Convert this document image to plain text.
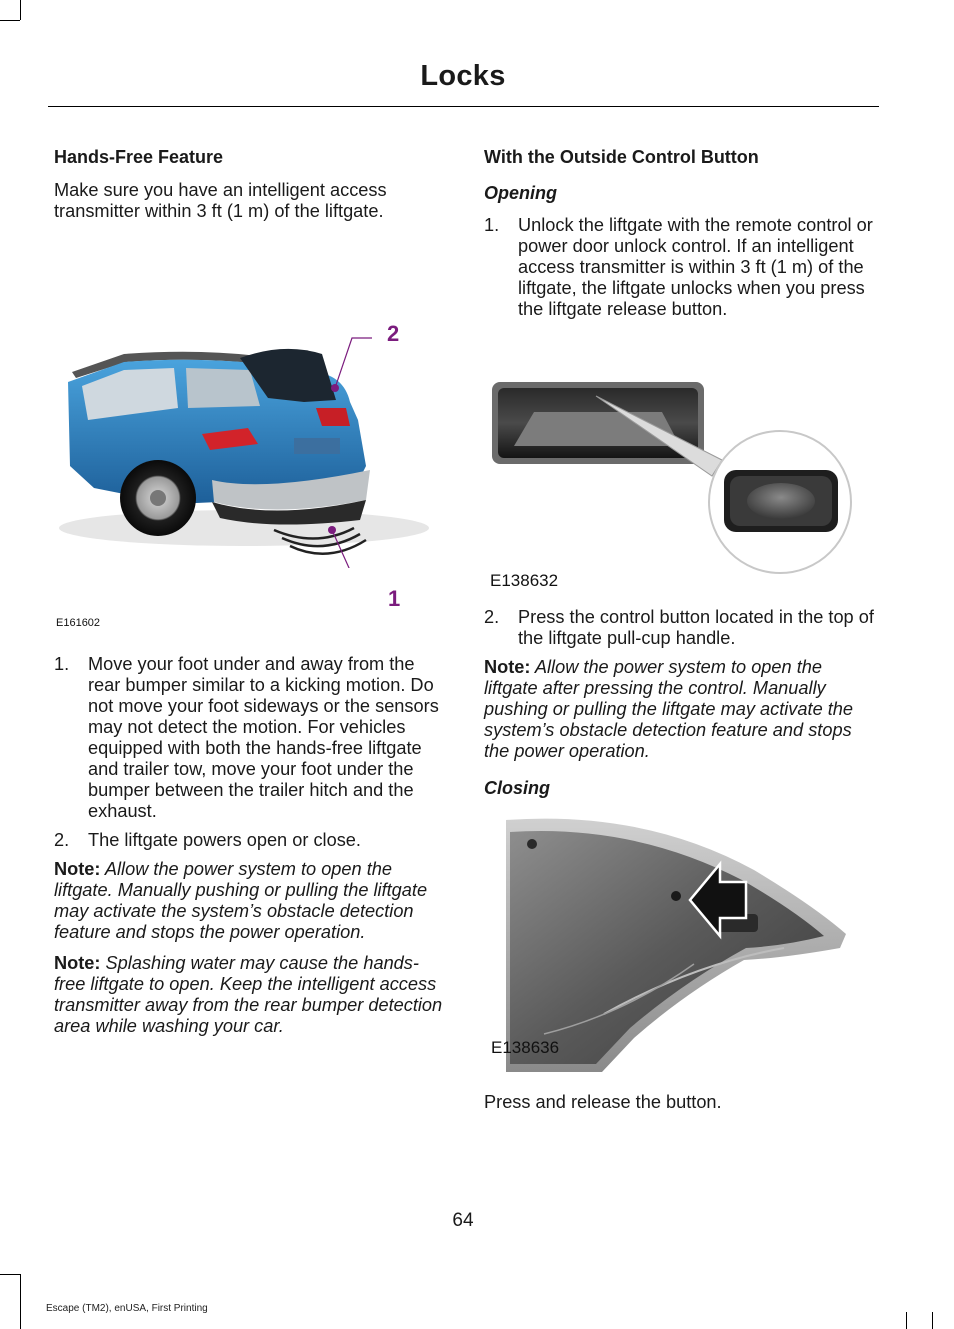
Locks
Hands-Free Feature

Make sure you have an intelligent access transmitter within 3 ft (1 m) of the liftgate.

2
1
E161602
1. Move your foot under and away from the rear bumper similar to a kicking motion. Do not move your foot sideways or the sensors may not detect the motion. For vehicles equipped with both the hands-free liftgate and trailer tow, move your foot under the bumper between the trailer hitch and the exhaust.
2. The liftgate powers open or close.

Note: Allow the power system to open the liftgate. Manually pushing or pulling the liftgate may activate the system’s obstacle detection feature and stops the power operation.

Note: Splashing water may cause the hands-free liftgate to open. Keep the intelligent access transmitter away from the rear bumper detection area while washing your car.

With the Outside Control Button
Opening
1. Unlock the liftgate with the remote control or power door unlock control. If an intelligent access transmitter is within 3 ft (1 m) of the liftgate, the liftgate unlocks when you press the liftgate release button.
E138632
2. Press the control button located in the top of the liftgate pull-cup handle.

Note: Allow the power system to open the liftgate after pressing the control. Manually pushing or pulling the liftgate may activate the system’s obstacle detection feature and stops the power operation.

Closing
E138636

Press and release the button.

64
Escape (TM2), enUSA, First Printing
